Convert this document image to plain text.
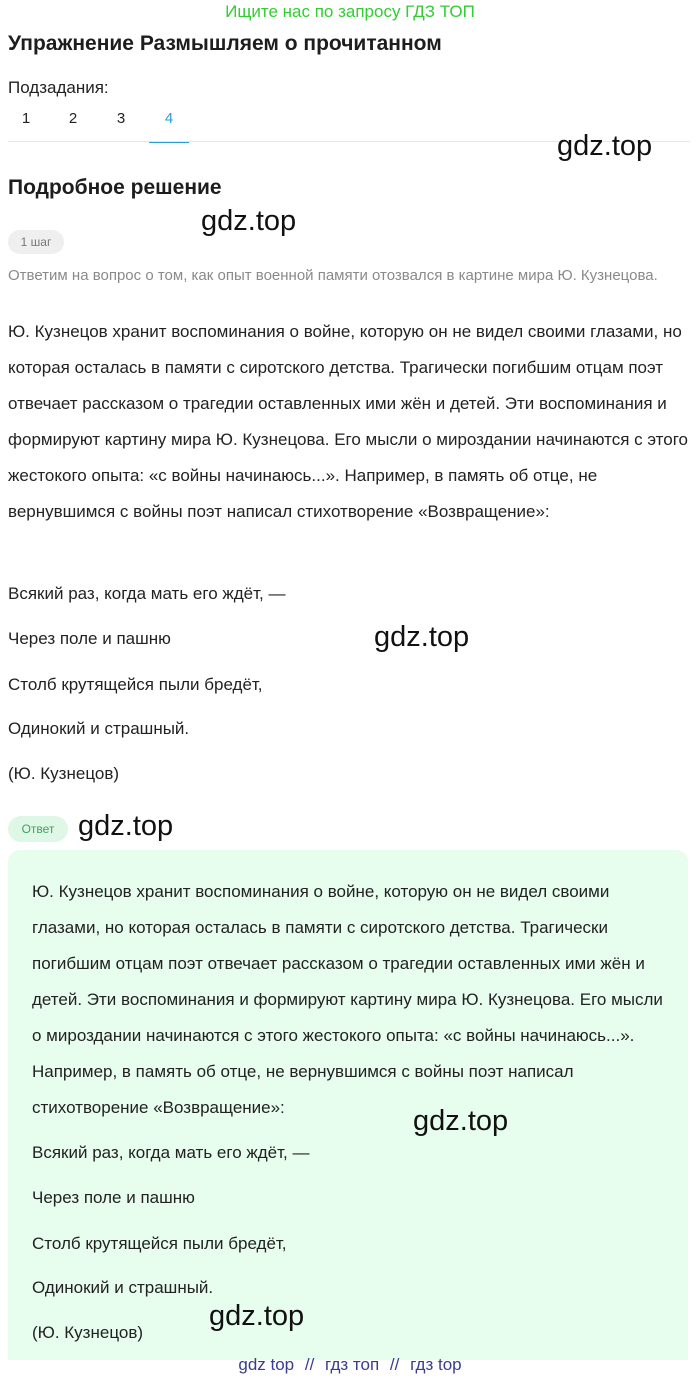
Ищите нас по запросу ГДЗ ТОП
Упражнение Размышляем о прочитанном
Подзадания:
1	2	3	4
gdz.top
Подробное решение
gdz.top
1 шаг
Ответим на вопрос о том, как опыт военной памяти отозвался в картине мира Ю. Кузнецова.
Ю. Кузнецов хранит воспоминания о войне, которую он не видел своими глазами, но которая осталась в памяти с сиротского детства. Трагически погибшим отцам поэт отвечает рассказом о трагедии оставленных ими жён и детей. Эти воспоминания и формируют картину мира Ю. Кузнецова. Его мысли о мироздании начинаются с этого жестокого опыта: «с войны начинаюсь...». Например, в память об отце, не вернувшимся с войны поэт написал стихотворение «Возвращение»:
Всякий раз, когда мать его ждёт, —
Через поле и пашню
Столб крутящейся пыли бредёт,
Одинокий и страшный.
(Ю. Кузнецов)
gdz.top
Ответ gdz.top
Ю. Кузнецов хранит воспоминания о войне, которую он не видел своими глазами, но которая осталась в памяти с сиротского детства. Трагически погибшим отцам поэт отвечает рассказом о трагедии оставленных ими жён и детей. Эти воспоминания и формируют картину мира Ю. Кузнецова. Его мысли о мироздании начинаются с этого жестокого опыта: «с войны начинаюсь...». Например, в память об отце, не вернувшимся с войны поэт написал стихотворение «Возвращение»:
Всякий раз, когда мать его ждёт, —
Через поле и пашню
Столб крутящейся пыли бредёт,
Одинокий и страшный.
(Ю. Кузнецов)
gdz.top
gdz.top
gdz top // гдз топ // гдз top
